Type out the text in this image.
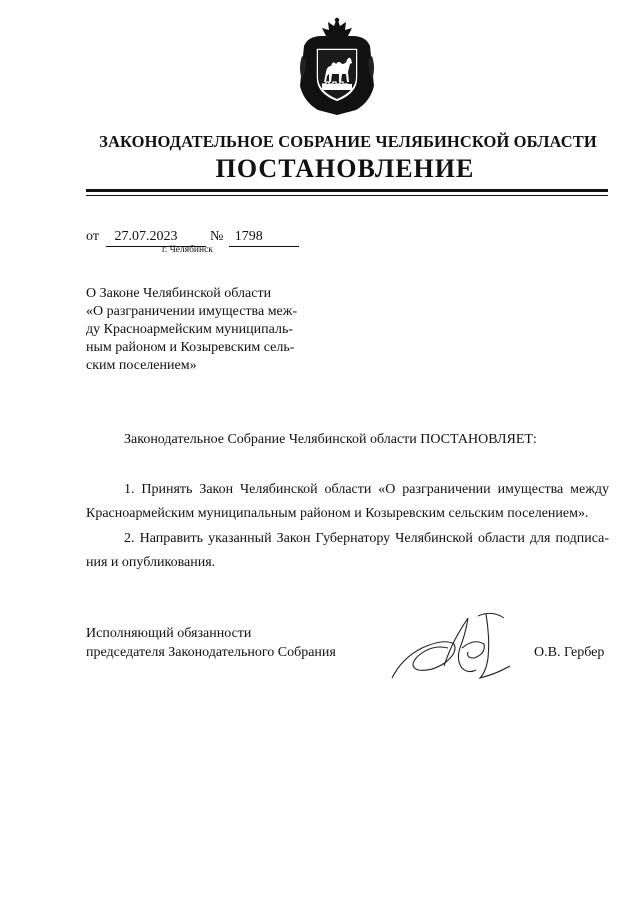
ЗАКОНОДАТЕЛЬНОЕ СОБРАНИЕ ЧЕЛЯБИНСКОЙ ОБЛАСТИ
ПОСТАНОВЛЕНИЕ
от 27.07.2023 № 1798
г. Челябинск
О Законе Челябинской области
«О разграничении имущества меж-
ду Красноармейским муниципаль-
ным районом и Козыревским сель-
ским поселением»
Законодательное Собрание Челябинской области ПОСТАНОВЛЯЕТ:
1. Принять Закон Челябинской области «О разграничении имущества между
Красноармейским муниципальным районом и Козыревским сельским поселением».
2. Направить указанный Закон Губернатору Челябинской области для подписа-
ния и опубликования.
Исполняющий обязанности
председателя Законодательного Собрания	О.В. Гербер
